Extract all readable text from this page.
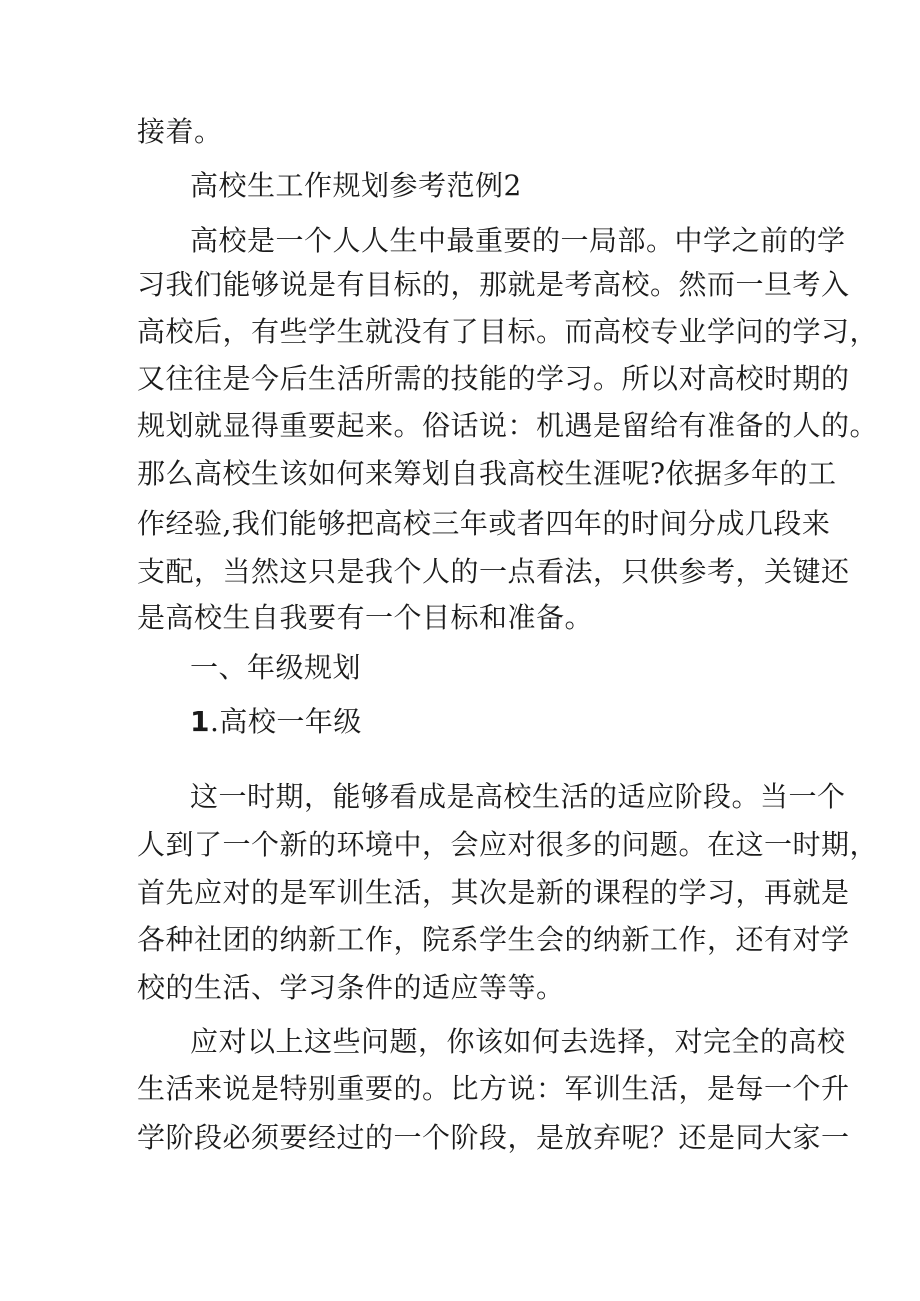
接着。
高校生工作规划参考范例2
高校是一个人人生中最重要的一局部。中学之前的学
习我们能够说是有目标的，那就是考高校。然而一旦考入
高校后，有些学生就没有了目标。而高校专业学问的学习，
又往往是今后生活所需的技能的学习。所以对高校时期的
规划就显得重要起来。俗话说：机遇是留给有准备的人的。
那么高校生该如何来筹划自我高校生涯呢?依据多年的工
作经验,我们能够把高校三年或者四年的时间分成几段来
支配，当然这只是我个人的一点看法，只供参考，关键还
是高校生自我要有一个目标和准备。
一、年级规划
1.高校一年级
这一时期，能够看成是高校生活的适应阶段。当一个
人到了一个新的环境中，会应对很多的问题。在这一时期，
首先应对的是军训生活，其次是新的课程的学习，再就是
各种社团的纳新工作，院系学生会的纳新工作，还有对学
校的生活、学习条件的适应等等。
应对以上这些问题，你该如何去选择，对完全的高校
生活来说是特别重要的。比方说：军训生活，是每一个升
学阶段必须要经过的一个阶段，是放弃呢？还是同大家一
